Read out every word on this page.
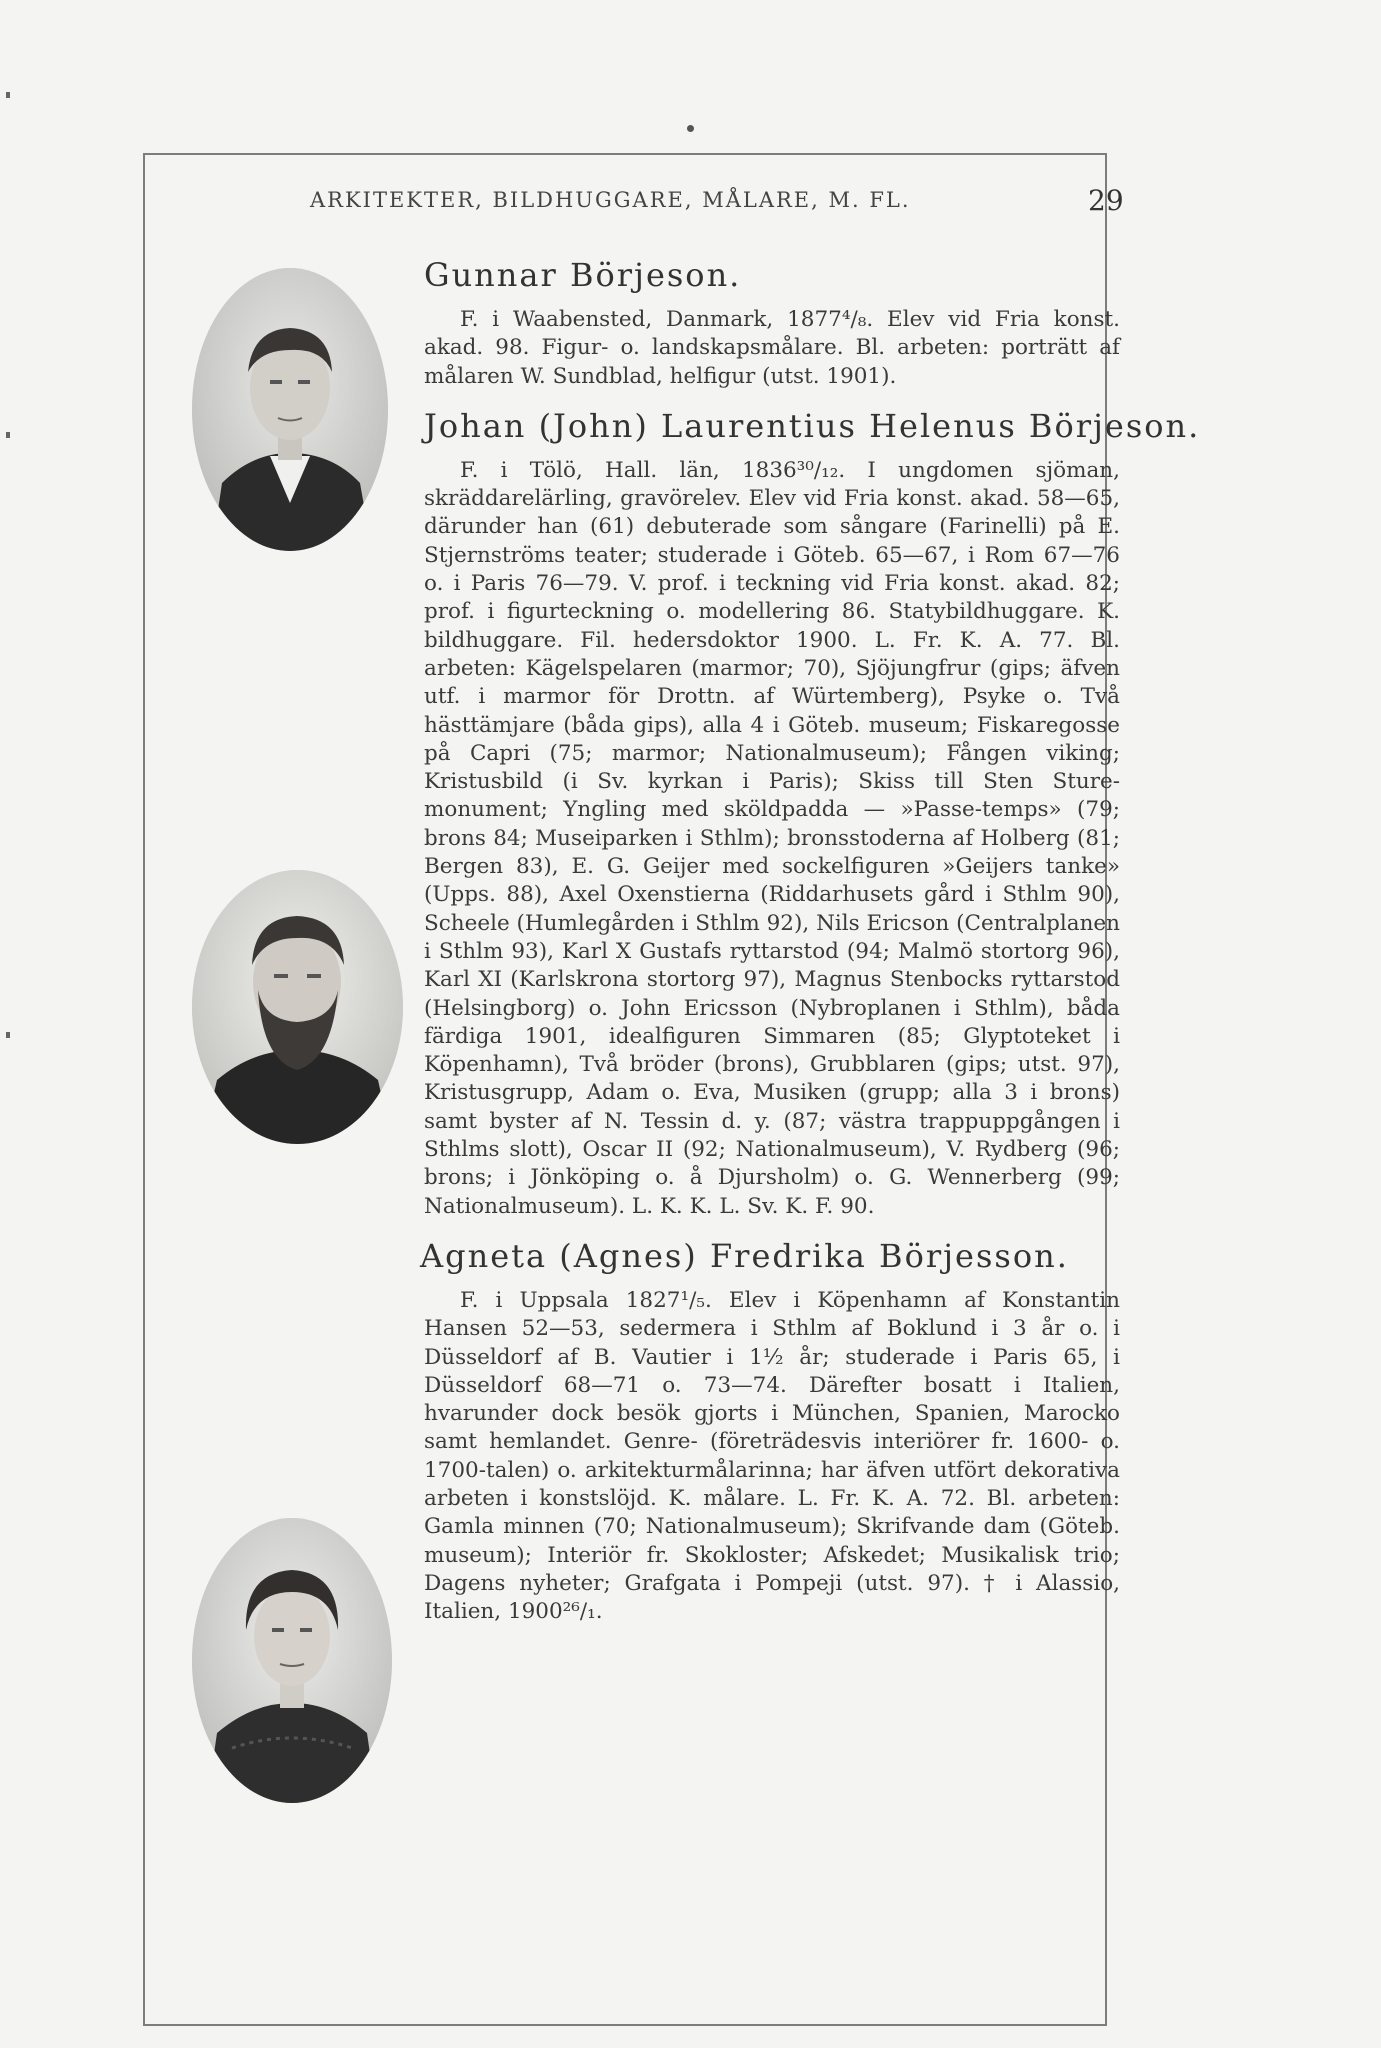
ARKITEKTER, BILDHUGGARE, MÅLARE, M. FL.	29
Gunnar Börjeson.

F. i Waabensted, Danmark, 1877⁴/₈. Elev vid Fria konst. akad. 98. Figur- o. landskapsmålare. Bl. arbeten: porträtt af målaren W. Sundblad, helfigur (utst. 1901).

Johan (John) Laurentius Helenus Börjeson.

F. i Tölö, Hall. län, 1836³⁰/₁₂. I ungdomen sjöman, skräddarelärling, gravörelev. Elev vid Fria konst. akad. 58—65, därunder han (61) debuterade som sångare (Farinelli) på E. Stjernströms teater; studerade i Göteb. 65—67, i Rom 67—76 o. i Paris 76—79. V. prof. i teckning vid Fria konst. akad. 82; prof. i figurteckning o. modellering 86. Statybildhuggare. K. bildhuggare. Fil. hedersdoktor 1900. L. Fr. K. A. 77. Bl. arbeten: Kägelspelaren (marmor; 70), Sjöjungfrur (gips; äfven utf. i marmor för Drottn. af Würtemberg), Psyke o. Två hästtämjare (båda gips), alla 4 i Göteb. museum; Fiskaregosse på Capri (75; marmor; Nationalmuseum); Fången viking; Kristusbild (i Sv. kyrkan i Paris); Skiss till Sten Sture-monument; Yngling med sköldpadda — »Passe-temps» (79; brons 84; Museiparken i Sthlm); bronsstoderna af Holberg (81; Bergen 83), E. G. Geijer med sockelfiguren »Geijers tanke» (Upps. 88), Axel Oxenstierna (Riddarhusets gård i Sthlm 90), Scheele (Humlegården i Sthlm 92), Nils Ericson (Centralplanen i Sthlm 93), Karl X Gustafs ryttarstod (94; Malmö stortorg 96), Karl XI (Karlskrona stortorg 97), Magnus Stenbocks ryttarstod (Helsingborg) o. John Ericsson (Nybroplanen i Sthlm), båda färdiga 1901, idealfiguren Simmaren (85; Glyptoteket i Köpenhamn), Två bröder (brons), Grubblaren (gips; utst. 97), Kristusgrupp, Adam o. Eva, Musiken (grupp; alla 3 i brons) samt byster af N. Tessin d. y. (87; västra trappuppgången i Sthlms slott), Oscar II (92; Nationalmuseum), V. Rydberg (96; brons; i Jönköping o. å Djursholm) o. G. Wennerberg (99; Nationalmuseum). L. K. K. L. Sv. K. F. 90.

Agneta (Agnes) Fredrika Börjesson.

F. i Uppsala 1827¹/₅. Elev i Köpenhamn af Konstantin Hansen 52—53, sedermera i Sthlm af Boklund i 3 år o. i Düsseldorf af B. Vautier i 1½ år; studerade i Paris 65, i Düsseldorf 68—71 o. 73—74. Därefter bosatt i Italien, hvarunder dock besök gjorts i München, Spanien, Marocko samt hemlandet. Genre- (företrädesvis interiörer fr. 1600- o. 1700-talen) o. arkitekturmålarinna; har äfven utfört dekorativa arbeten i konstslöjd. K. målare. L. Fr. K. A. 72. Bl. arbeten: Gamla minnen (70; Nationalmuseum); Skrifvande dam (Göteb. museum); Interiör fr. Skokloster; Afskedet; Musikalisk trio; Dagens nyheter; Grafgata i Pompeji (utst. 97). † i Alassio, Italien, 1900²⁶/₁.
